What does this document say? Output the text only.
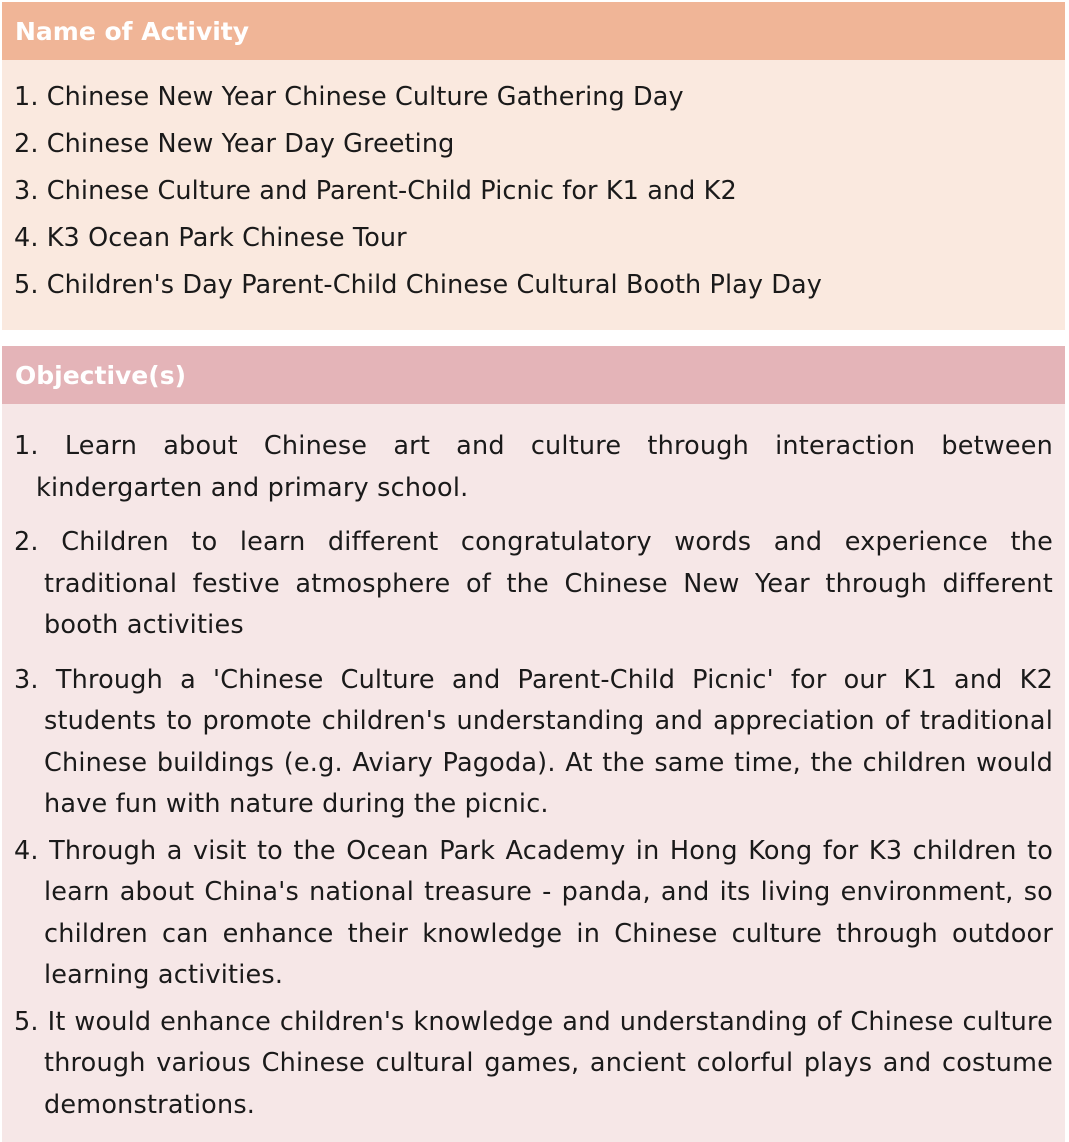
Name of Activity
1. Chinese New Year Chinese Culture Gathering Day
2. Chinese New Year Day Greeting
3. Chinese Culture and Parent-Child Picnic for K1 and K2
4. K3 Ocean Park Chinese Tour
5. Children's Day Parent-Child Chinese Cultural Booth Play Day
Objective(s)
1. Learn about Chinese art and culture through interaction between kindergarten and primary school.
2. Children to learn different congratulatory words and experience the traditional festive atmosphere of the Chinese New Year through different booth activities
3. Through a 'Chinese Culture and Parent-Child Picnic' for our K1 and K2 students to promote children's understanding and appreciation of traditional Chinese buildings (e.g. Aviary Pagoda). At the same time, the children would have fun with nature during the picnic.
4. Through a visit to the Ocean Park Academy in Hong Kong for K3 children to learn about China's national treasure - panda, and its living environment, so children can enhance their knowledge in Chinese culture through outdoor learning activities.
5. It would enhance children's knowledge and understanding of Chinese culture through various Chinese cultural games, ancient colorful plays and costume demonstrations.
